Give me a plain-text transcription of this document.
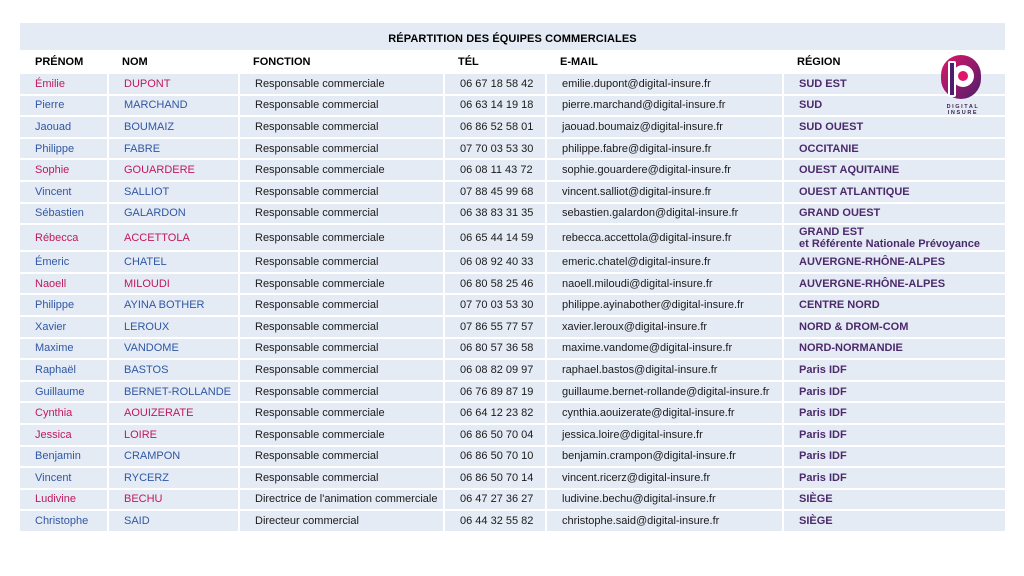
RÉPARTITION DES ÉQUIPES COMMERCIALES
PRÉNOM	NOM	FONCTION	TÉL	E-MAIL	RÉGION
Émilie	DUPONT	Responsable commerciale	06 67 18 58 42	emilie.dupont@digital-insure.fr	SUD EST
Pierre	MARCHAND	Responsable commercial	06 63 14 19 18	pierre.marchand@digital-insure.fr	SUD
Jaouad	BOUMAIZ	Responsable commercial	06 86 52 58 01	jaouad.boumaiz@digital-insure.fr	SUD OUEST
Philippe	FABRE	Responsable commercial	07 70 03 53 30	philippe.fabre@digital-insure.fr	OCCITANIE
Sophie	GOUARDERE	Responsable commerciale	06 08 11 43 72	sophie.gouardere@digital-insure.fr	OUEST AQUITAINE
Vincent	SALLIOT	Responsable commercial	07 88 45 99 68	vincent.salliot@digital-insure.fr	OUEST ATLANTIQUE
Sébastien	GALARDON	Responsable commercial	06 38 83 31 35	sebastien.galardon@digital-insure.fr	GRAND OUEST
Rébecca	ACCETTOLA	Responsable commerciale	06 65 44 14 59	rebecca.accettola@digital-insure.fr	GRAND EST
et Référente Nationale Prévoyance

Émeric	CHATEL	Responsable commercial	06 08 92 40 33	emeric.chatel@digital-insure.fr	AUVERGNE-RHÔNE-ALPES
Naoell	MILOUDI	Responsable commerciale	06 80 58 25 46	naoell.miloudi@digital-insure.fr	AUVERGNE-RHÔNE-ALPES
Philippe	AYINA BOTHER	Responsable commercial	07 70 03 53 30	philippe.ayinabother@digital-insure.fr	CENTRE NORD
Xavier	LEROUX	Responsable commercial	07 86 55 77 57	xavier.leroux@digital-insure.fr	NORD & DROM-COM
Maxime	VANDOME	Responsable commercial	06 80 57 36 58	maxime.vandome@digital-insure.fr	NORD-NORMANDIE
Raphaël	BASTOS	Responsable commercial	06 08 82 09 97	raphael.bastos@digital-insure.fr	Paris IDF
Guillaume	BERNET-ROLLANDE	Responsable commercial	06 76 89 87 19	guillaume.bernet-rollande@digital-insure.fr	Paris IDF
Cynthia	AOUIZERATE	Responsable commerciale	06 64 12 23 82	cynthia.aouizerate@digital-insure.fr	Paris IDF
Jessica	LOIRE	Responsable commerciale	06 86 50 70 04	jessica.loire@digital-insure.fr	Paris IDF
Benjamin	CRAMPON	Responsable commercial	06 86 50 70 10	benjamin.crampon@digital-insure.fr	Paris IDF
Vincent	RYCERZ	Responsable commercial	06 86 50 70 14	vincent.ricerz@digital-insure.fr	Paris IDF
Ludivine	BECHU	Directrice de l'animation commerciale	06 47 27 36 27	ludivine.bechu@digital-insure.fr	SIÈGE
Christophe	SAID	Directeur commercial	06 44 32 55 82	christophe.said@digital-insure.fr	SIÈGE
DIGITAL INSURE
